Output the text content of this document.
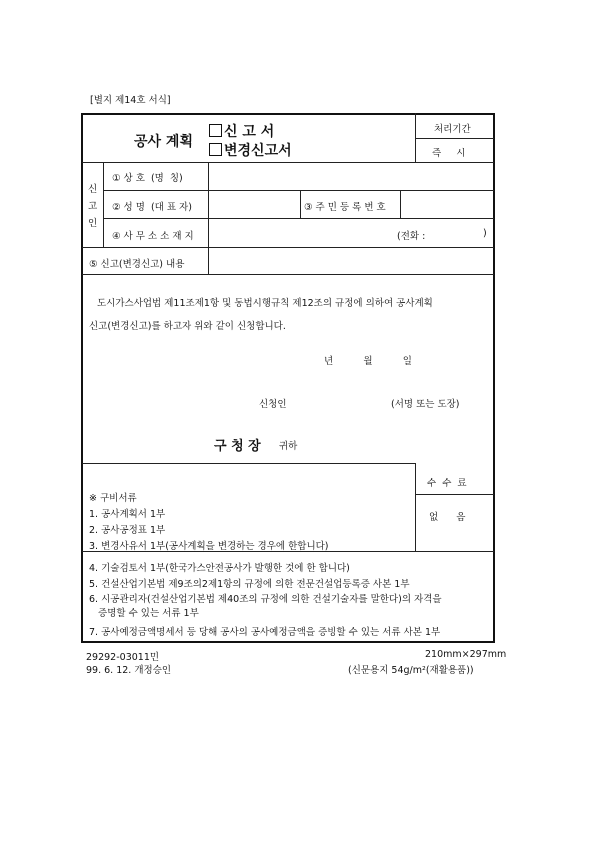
[별지 제14호 서식]
공사 계획
신 고 서
변경신고서
처리기간
즉     시
신
고
인
① 상 호  (명  칭)
② 성 명  (대 표 자)	③ 주 민 등 록 번 호
④ 사 무 소 소 재 지	(전화 :	)
⑤ 신고(변경신고) 내용
도시가스사업법 제11조제1항 및 동법시행규칙 제12조의 규정에 의하여 공사계획
신고(변경신고)를 하고자 위와 같이 신청합니다.
년          월          일
신청인	(서명 또는 도장)
구 청 장 귀하
※ 구비서류
1. 공사계획서 1부
2. 공사공정표 1부
3. 변경사유서 1부(공사계획을 변경하는 경우에 한합니다)
4. 기술검토서 1부(한국가스안전공사가 발행한 것에 한 합니다)
5. 건설산업기본법 제9조의2제1항의 규정에 의한 전문건설업등록증 사본 1부
6. 시공관리자(건설산업기본법 제40조의 규정에 의한 건설기술자를 말한다)의 자격을
증명할 수 있는 서류 1부
7. 공사예정금액명세서 등 당해 공사의 공사예정금액을 증빙할 수 있는 서류 사본 1부
수  수  료
없      음
29292-03011민
99. 6. 12. 개정승인
210mm×297mm
(신문용지 54g/m²(재활용품))
